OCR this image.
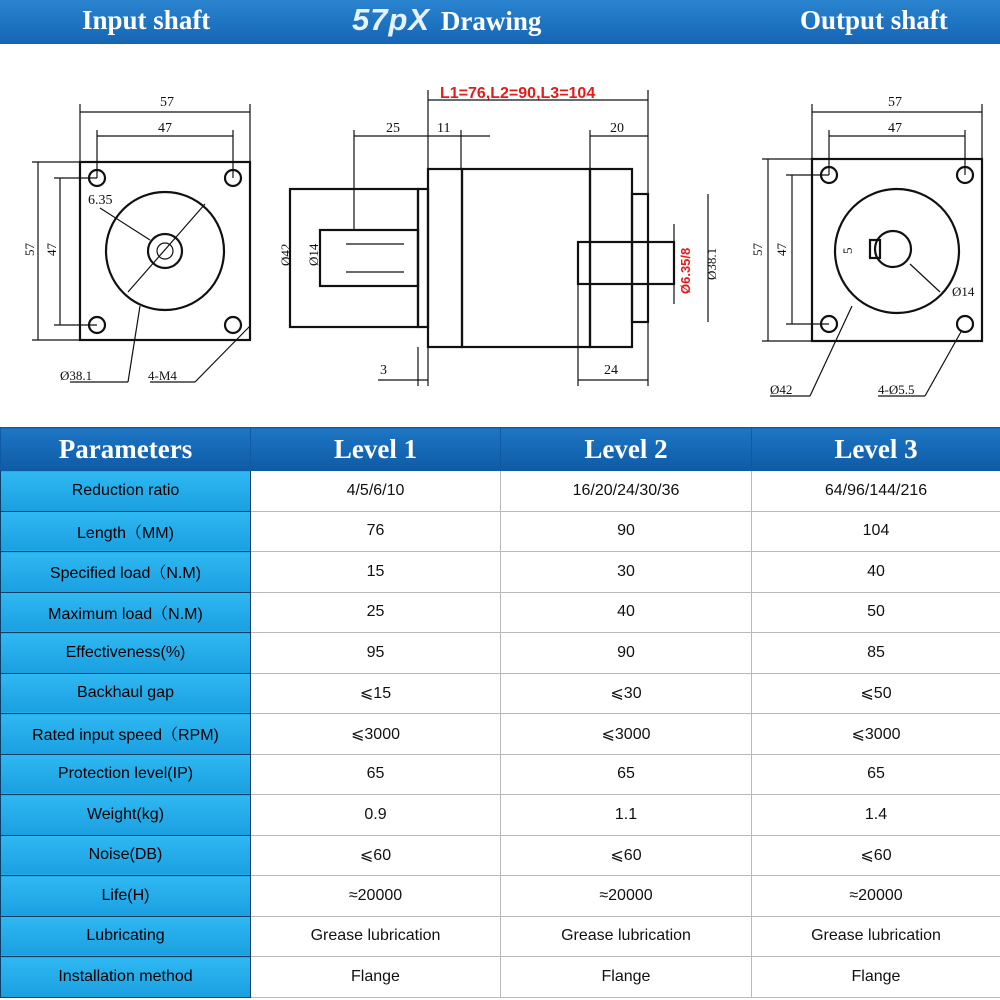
Input shaft	57pX Drawing	Output shaft
57
47
57 47
6.35
Ø38.1	4-M4
L1=76,L2=90,L3=104
25	11	20
Ø42 Ø14	Ø6.35/8 Ø38.1
3	24
57
47
57 47	5
Ø14
Ø42	4-Ø5.5
Parameters	Level 1	Level 2	Level 3
Reduction ratio	4/5/6/10	16/20/24/30/36	64/96/144/216
Length（MM)	76	90	104
Specified load（N.M)	15	30	40
Maximum load（N.M)	25	40	50
Effectiveness(%)	95	90	85
Backhaul gap	⩽15	⩽30	⩽50
Rated input speed（RPM)	⩽3000	⩽3000	⩽3000
Protection level(IP)	65	65	65
Weight(kg)	0.9	1.1	1.4
Noise(DB)	⩽60	⩽60	⩽60
Life(H)	≈20000	≈20000	≈20000
Lubricating	Grease lubrication	Grease lubrication	Grease lubrication
Installation method	Flange	Flange	Flange
